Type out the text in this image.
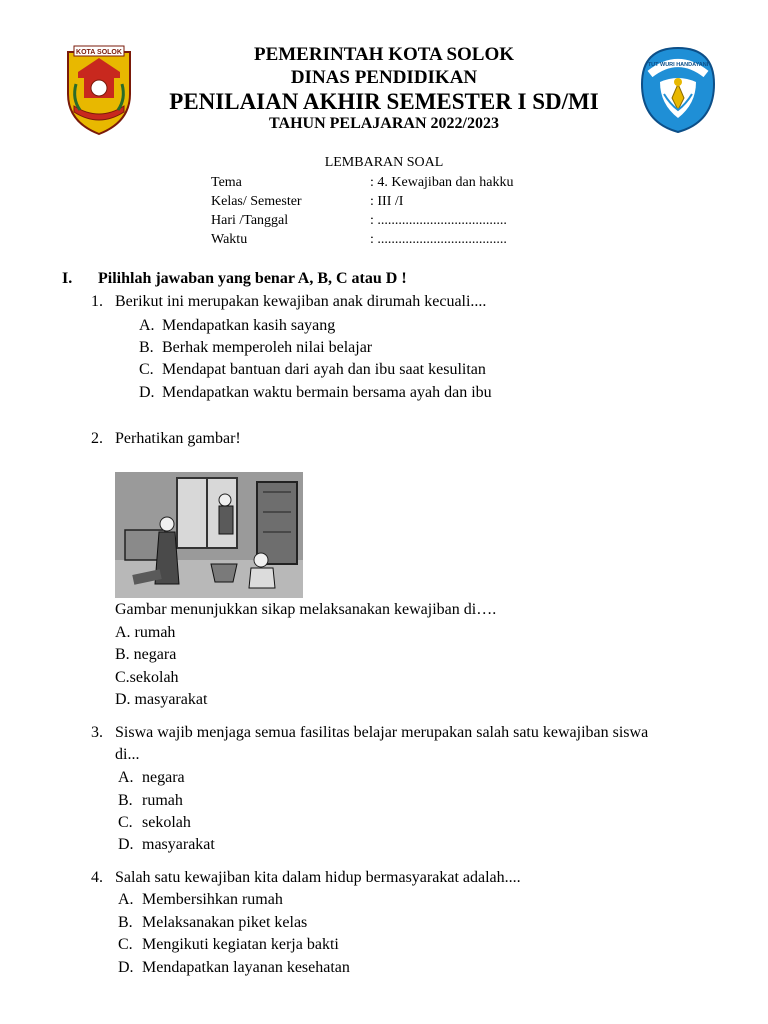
KOTA SOLOK
TUT WURI HANDAYANI
PEMERINTAH KOTA SOLOK
DINAS PENDIDIKAN
PENILAIAN AKHIR SEMESTER I SD/MI
TAHUN PELAJARAN 2022/2023
LEMBARAN SOAL
Tema	: 4. Kewajiban dan hakku
Kelas/ Semester	: III /I
Hari /Tanggal	: .....................................
Waktu	: .....................................
I. Pilihlah jawaban yang benar A, B, C atau D !
1. Berikut ini merupakan kewajiban anak dirumah kecuali....
A. Mendapatkan kasih sayang
B. Berhak memperoleh nilai belajar
C. Mendapat bantuan dari ayah dan ibu saat kesulitan
D. Mendapatkan waktu bermain bersama ayah dan ibu
2. Perhatikan gambar!
Gambar menunjukkan sikap melaksanakan kewajiban di….
A. rumah
B. negara
C.sekolah
D. masyarakat
3. Siswa wajib menjaga semua fasilitas belajar merupakan salah satu kewajiban siswa
di...
A. negara
B. rumah
C. sekolah
D. masyarakat
4. Salah satu kewajiban kita dalam hidup bermasyarakat adalah....
A. Membersihkan rumah
B. Melaksanakan piket kelas
C. Mengikuti kegiatan kerja bakti
D. Mendapatkan layanan kesehatan
